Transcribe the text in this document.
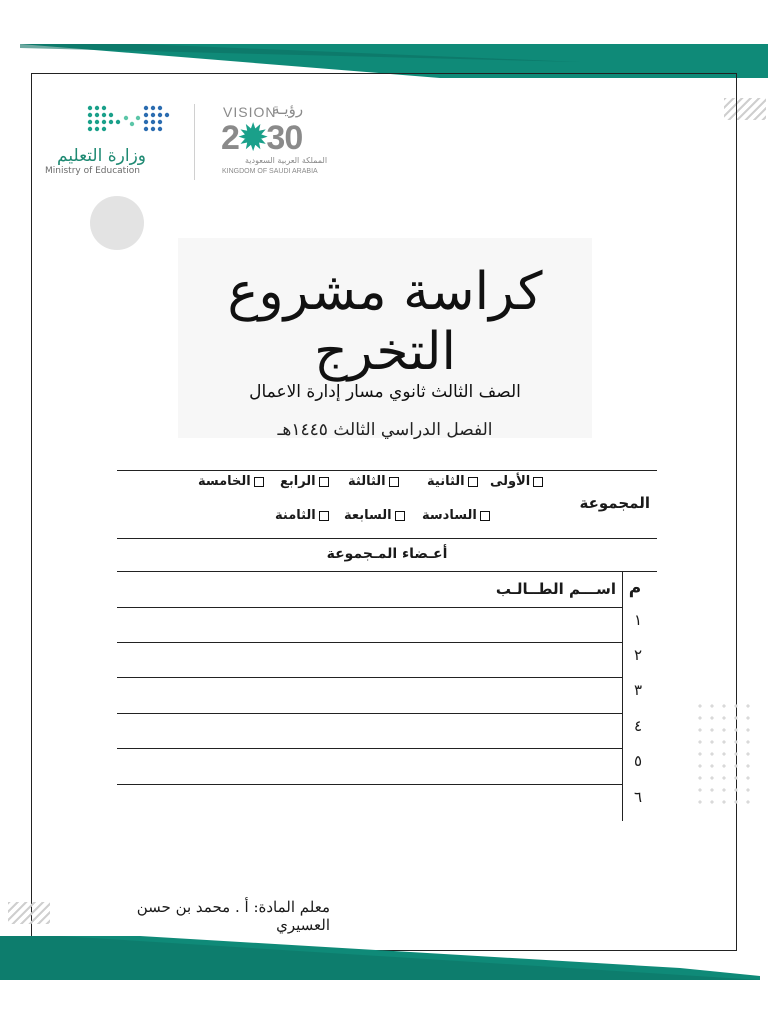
وزارة التعليم
Ministry of Education
VISION
رؤيـة
2✹30
المملكة العربية السعودية
KINGDOM OF SAUDI ARABIA
كراسة مشروع التخرج
الصف الثالث ثانوي مسار إدارة الاعمال
الفصل الدراسي الثالث ١٤٤٥هـ
المجموعة
الأولى
الثانية
الثالثة
الرابع
الخامسة
السادسة
السابعة
الثامنة
أعـضاء المـجموعة
م
اســـم الطــالـب
١
٢
٣
٤
٥
٦
معلم المادة: أ . محمد بن حسن العسيري
